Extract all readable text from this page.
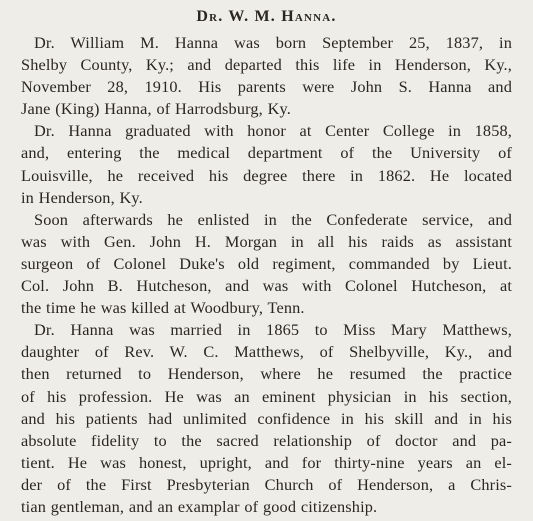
Dr. W. M. Hanna.

Dr. William M. Hanna was born September 25, 1837, in
Shelby County, Ky.; and departed this life in Henderson, Ky.,
November 28, 1910. His parents were John S. Hanna and
Jane (King) Hanna, of Harrodsburg, Ky.

Dr. Hanna graduated with honor at Center College in 1858,
and, entering the medical department of the University of
Louisville, he received his degree there in 1862. He located
in Henderson, Ky.

Soon afterwards he enlisted in the Confederate service, and
was with Gen. John H. Morgan in all his raids as assistant
surgeon of Colonel Duke's old regiment, commanded by Lieut.
Col. John B. Hutcheson, and was with Colonel Hutcheson, at
the time he was killed at Woodbury, Tenn.

Dr. Hanna was married in 1865 to Miss Mary Matthews,
daughter of Rev. W. C. Matthews, of Shelbyville, Ky., and
then returned to Henderson, where he resumed the practice
of his profession. He was an eminent physician in his section,
and his patients had unlimited confidence in his skill and in his
absolute fidelity to the sacred relationship of doctor and pa-
tient. He was honest, upright, and for thirty-nine years an el-
der of the First Presbyterian Church of Henderson, a Chris-
tian gentleman, and an examplar of good citizenship.
